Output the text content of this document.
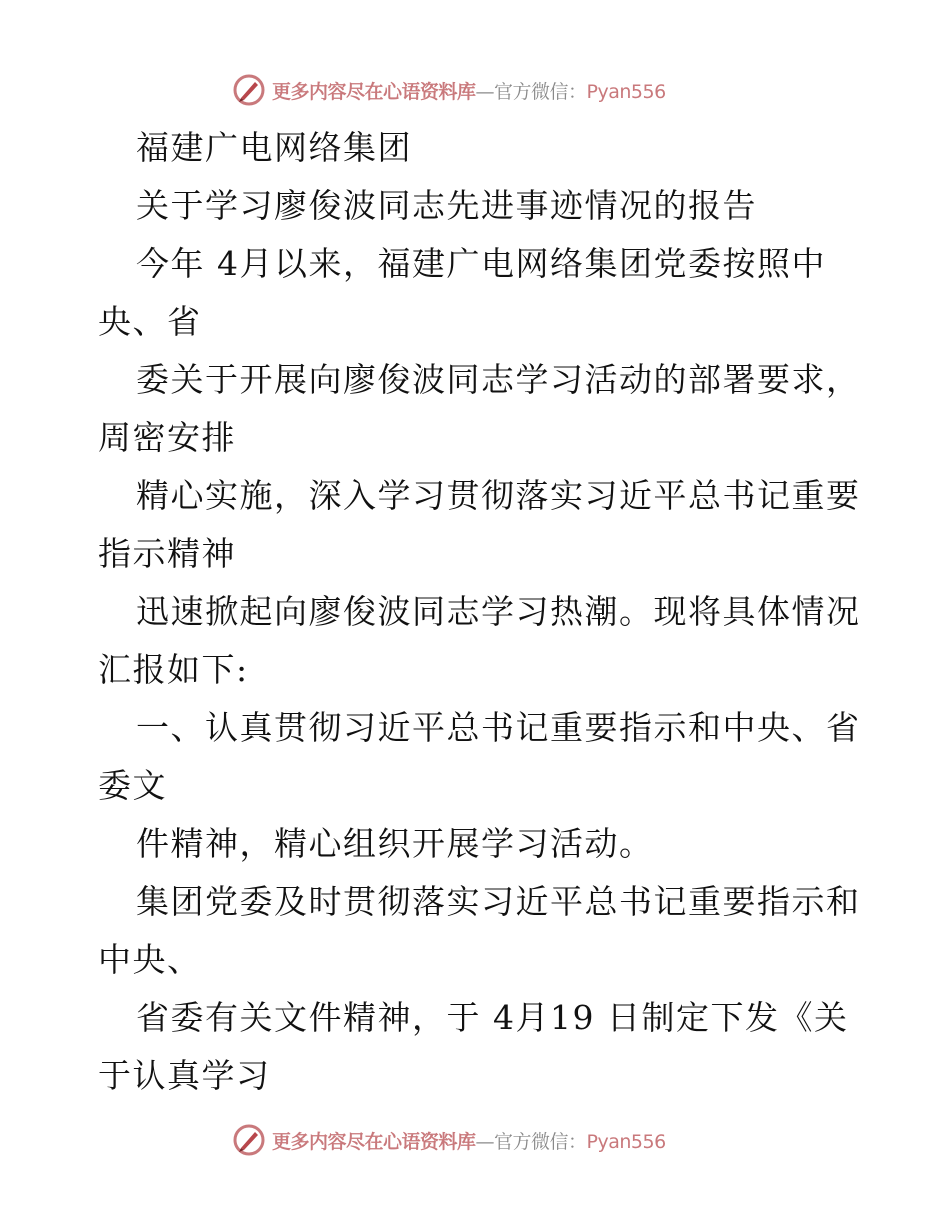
更多内容尽在心语资料库—官方微信：Pyan556
福建广电网络集团
关于学习廖俊波同志先进事迹情况的报告
今年 4月以来，福建广电网络集团党委按照中
央、省
委关于开展向廖俊波同志学习活动的部署要求，
周密安排
精心实施，深入学习贯彻落实习近平总书记重要
指示精神
迅速掀起向廖俊波同志学习热潮。现将具体情况
汇报如下:
一、认真贯彻习近平总书记重要指示和中央、省
委文
件精神，精心组织开展学习活动。
集团党委及时贯彻落实习近平总书记重要指示和
中央、
省委有关文件精神，于 4月19 日制定下发《关
于认真学习
更多内容尽在心语资料库—官方微信：Pyan556
